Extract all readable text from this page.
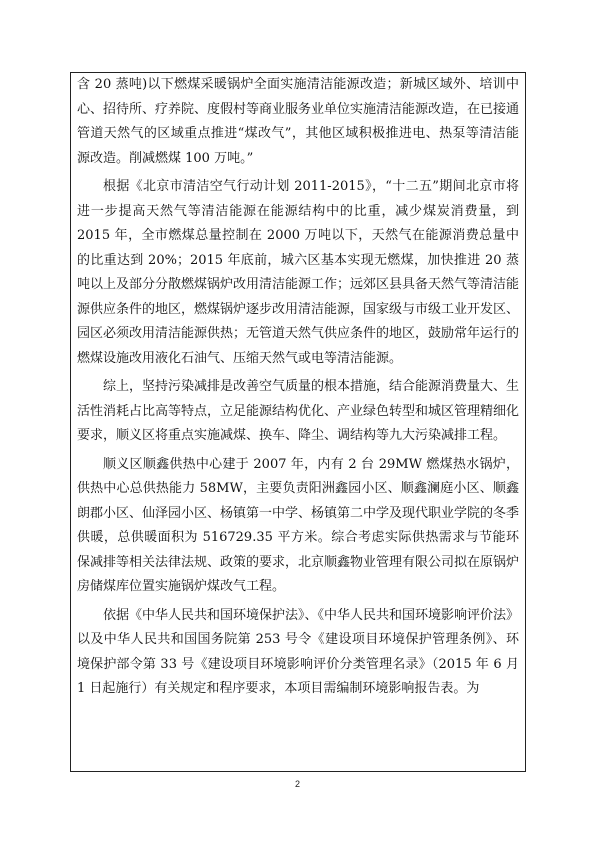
含 20 蒸吨)以下燃煤采暖锅炉全面实施清洁能源改造；新城区域外、培训中心、招待所、疗养院、度假村等商业服务业单位实施清洁能源改造，在已接通管道天然气的区域重点推进“煤改气”，其他区域积极推进电、热泵等清洁能源改造。削减燃煤 100 万吨。”

根据《北京市清洁空气行动计划 2011-2015》，“十二五”期间北京市将进一步提高天然气等清洁能源在能源结构中的比重，减少煤炭消费量，到 2015 年，全市燃煤总量控制在 2000 万吨以下，天然气在能源消费总量中的比重达到 20%；2015 年底前，城六区基本实现无燃煤，加快推进 20 蒸吨以上及部分分散燃煤锅炉改用清洁能源工作；远郊区县具备天然气等清洁能源供应条件的地区，燃煤锅炉逐步改用清洁能源，国家级与市级工业开发区、园区必须改用清洁能源供热；无管道天然气供应条件的地区，鼓励常年运行的燃煤设施改用液化石油气、压缩天然气或电等清洁能源。

综上，坚持污染减排是改善空气质量的根本措施，结合能源消费量大、生活性消耗占比高等特点，立足能源结构优化、产业绿色转型和城区管理精细化要求，顺义区将重点实施减煤、换车、降尘、调结构等九大污染减排工程。

顺义区顺鑫供热中心建于 2007 年，内有 2 台 29MW 燃煤热水锅炉，供热中心总供热能力 58MW，主要负责阳洲鑫园小区、顺鑫澜庭小区、顺鑫朗郡小区、仙泽园小区、杨镇第一中学、杨镇第二中学及现代职业学院的冬季供暖，总供暖面积为 516729.35 平方米。综合考虑实际供热需求与节能环保减排等相关法律法规、政策的要求，北京顺鑫物业管理有限公司拟在原锅炉房储煤库位置实施锅炉煤改气工程。

依据《中华人民共和国环境保护法》、《中华人民共和国环境影响评价法》以及中华人民共和国国务院第 253 号令《建设项目环境保护管理条例》、环境保护部令第 33 号《建设项目环境影响评价分类管理名录》（2015 年 6 月 1 日起施行）有关规定和程序要求，本项目需编制环境影响报告表。为

2
